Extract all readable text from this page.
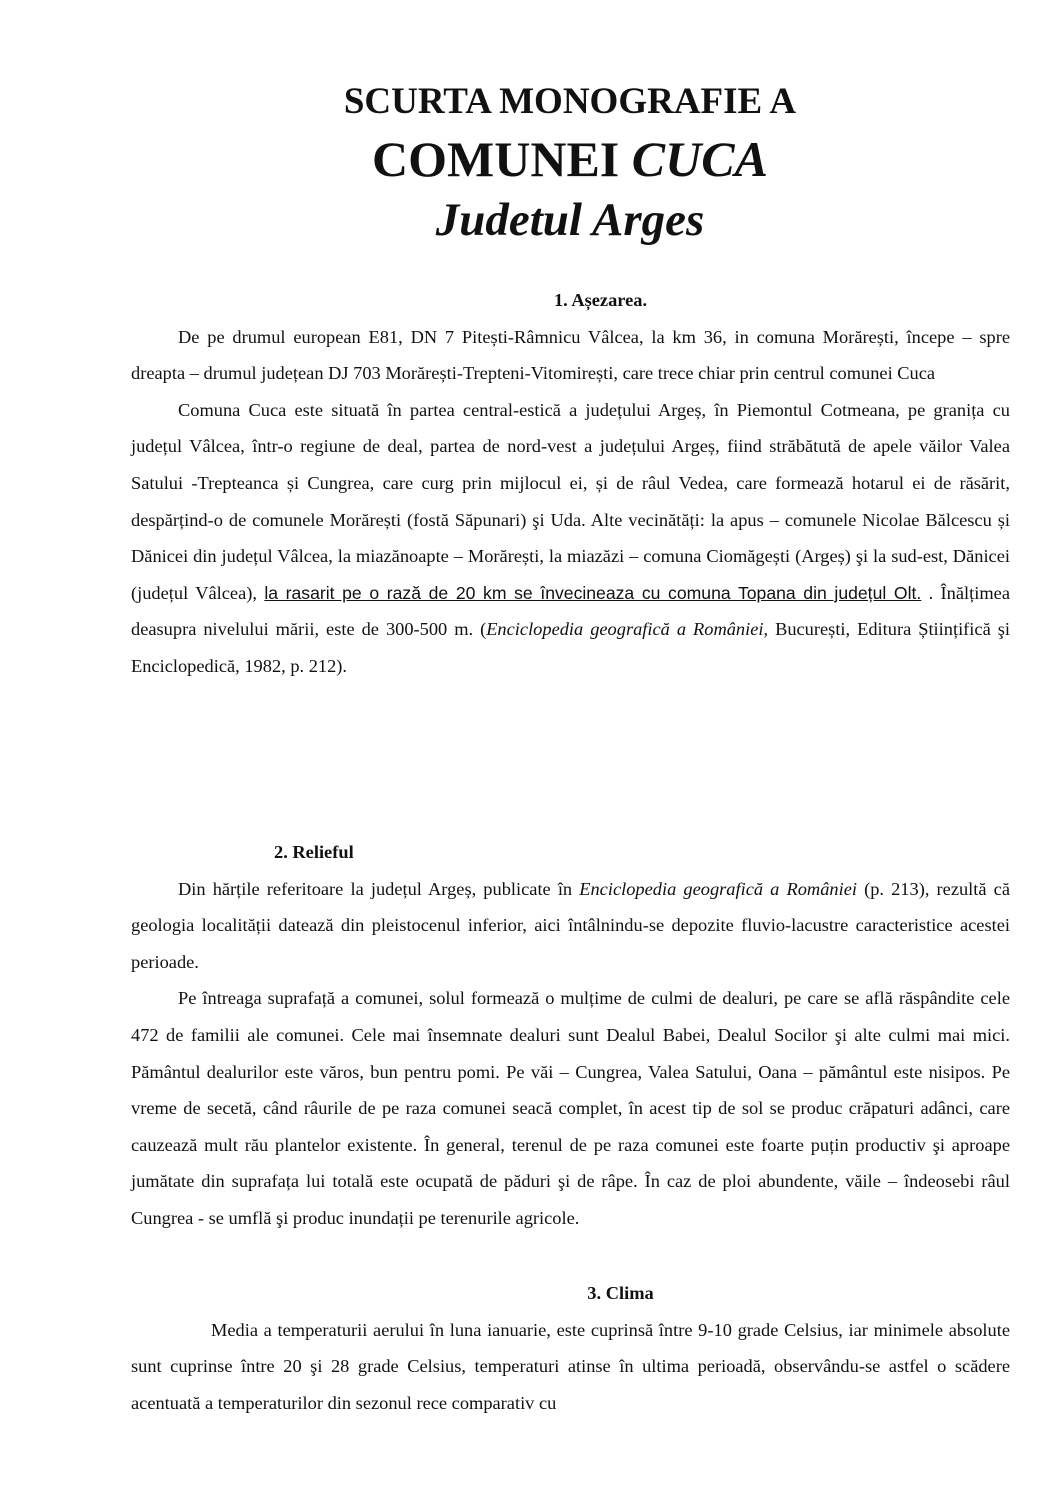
SCURTA MONOGRAFIE A
COMUNEI CUCA
Judetul Arges

1. Așezarea.

De pe drumul european E81, DN 7 Pitești-Râmnicu Vâlcea, la km 36, in comuna Morărești, începe – spre dreapta – drumul județean DJ 703 Morărești-Trepteni-Vitomirești, care trece chiar prin centrul comunei Cuca

Comuna Cuca este situată în partea central-estică a județului Argeș, în Piemontul Cotmeana, pe granița cu județul Vâlcea, într-o regiune de deal, partea de nord-vest a județului Argeș, fiind străbătută de apele văilor Valea Satului -Trepteanca și Cungrea, care curg prin mijlocul ei, și de râul Vedea, care formează hotarul ei de răsărit, despărțind-o de comunele Morărești (fostă Săpunari) şi Uda. Alte vecinătăți: la apus – comunele Nicolae Bălcescu și Dănicei din județul Vâlcea, la miazănoapte – Morărești, la miazăzi – comuna Ciomăgești (Argeș) şi la sud-est, Dănicei (județul Vâlcea), la rasarit pe o rază de 20 km se învecineaza cu comuna Topana din județul Olt. . Înălțimea deasupra nivelului mării, este de 300-500 m. (Enciclopedia geografică a României, București, Editura Științifică şi Enciclopedică, 1982, p. 212).

2. Relieful

Din hărțile referitoare la județul Argeș, publicate în Enciclopedia geografică a României (p. 213), rezultă că geologia localității datează din pleistocenul inferior, aici întâlnindu-se depozite fluvio-lacustre caracteristice acestei perioade.

Pe întreaga suprafață a comunei, solul formează o mulțime de culmi de dealuri, pe care se află răspândite cele 472 de familii ale comunei. Cele mai însemnate dealuri sunt Dealul Babei, Dealul Socilor şi alte culmi mai mici. Pământul dealurilor este văros, bun pentru pomi. Pe văi – Cungrea, Valea Satului, Oana – pământul este nisipos. Pe vreme de secetă, când râurile de pe raza comunei seacă complet, în acest tip de sol se produc crăpaturi adânci, care cauzează mult rău plantelor existente. În general, terenul de pe raza comunei este foarte puțin productiv şi aproape jumătate din suprafața lui totală este ocupată de păduri şi de râpe. În caz de ploi abundente, văile – îndeosebi râul Cungrea - se umflă şi produc inundații pe terenurile agricole.

3. Clima

Media a temperaturii aerului în luna ianuarie, este cuprinsă între 9-10 grade Celsius, iar minimele absolute sunt cuprinse între 20 şi 28 grade Celsius, temperaturi atinse în ultima perioadă, observându-se astfel o scădere acentuată a temperaturilor din sezonul rece comparativ cu
